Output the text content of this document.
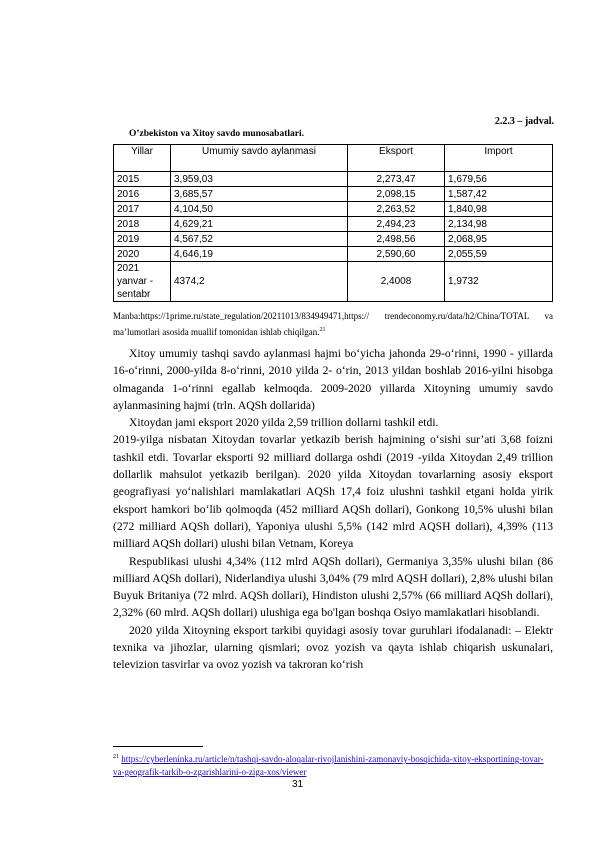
2.2.3 – jadval.
O’zbekiston va Xitoy savdo munosabatlari.
Yillar	Umumiy savdo aylanmasi	Eksport	Import
2015	3,959,03	2,273,47	1,679,56
2016	3,685,57	2,098,15	1,587,42
2017	4,104,50	2,263,52	1,840,98
2018	4,629,21	2,494,23	2,134,98
2019	4,567,52	2,498,56	2,068,95
2020	4,646,19	2,590,60	2,055,59
2021 yanvar - sentabr	4374,2	2,4008	1,9732
Manba:https://1prime.ru/state_regulation/20211013/834949471,https:// trendeconomy.ru/data/h2/China/TOTAL va ma’lumotlari asosida muallif tomonidan ishlab chiqilgan.$^{21}$

Xitoy umumiy tashqi savdo aylanmasi hajmi bo‘yicha jahonda 29-o‘rinni, 1990 - yillarda 16-o‘rinni, 2000-yilda 8-o‘rinni, 2010 yilda 2- o‘rin, 2013 yildan boshlab 2016-yilni hisobga olmaganda 1-o‘rinni egallab kelmoqda. 2009-2020 yillarda Xitoyning umumiy savdo aylanmasining hajmi (trln. AQSh dollarida)

Xitoydan jami eksport 2020 yilda 2,59 trillion dollarni tashkil etdi.

2019-yilga nisbatan Xitoydan tovarlar yetkazib berish hajmining o‘sishi sur’ati 3,68 foizni tashkil etdi. Tovarlar eksporti 92 milliard dollarga oshdi (2019 -yilda Xitoydan 2,49 trillion dollarlik mahsulot yetkazib berilgan). 2020 yilda Xitoydan tovarlarning asosiy eksport geografiyasi yo‘nalishlari mamlakatlari AQSh 17,4 foiz ulushni tashkil etgani holda yirik eksport hamkori bo‘lib qolmoqda (452 milliard AQSh dollari), Gonkong 10,5% ulushi bilan (272 milliard AQSh dollari), Yaponiya ulushi 5,5% (142 mlrd AQSH dollari), 4,39% (113 milliard AQSh dollari) ulushi bilan Vetnam, Koreya

Respublikasi ulushi 4,34% (112 mlrd AQSh dollari), Germaniya 3,35% ulushi bilan (86 milliard AQSh dollari), Niderlandiya ulushi 3,04% (79 mlrd AQSH dollari), 2,8% ulushi bilan Buyuk Britaniya (72 mlrd. AQSh dollari), Hindiston ulushi 2,57% (66 milliard AQSh dollari), 2,32% (60 mlrd. AQSh dollari) ulushiga ega bo'lgan boshqa Osiyo mamlakatlari hisoblandi.

2020 yilda Xitoyning eksport tarkibi quyidagi asosiy tovar guruhlari ifodalanadi: – Elektr texnika va jihozlar, ularning qismlari; ovoz yozish va qayta ishlab chiqarish uskunalari, televizion tasvirlar va ovoz yozish va takroran ko‘rish

$^{21}$ https://cyberleninka.ru/article/n/tashqi-savdo-aloqalar-rivojlanishini-zamonaviy-bosqichida-xitoy-eksportining-tovar-va-geografik-tarkib-o-zgarishlarini-o-ziga-xos/viewer
31
